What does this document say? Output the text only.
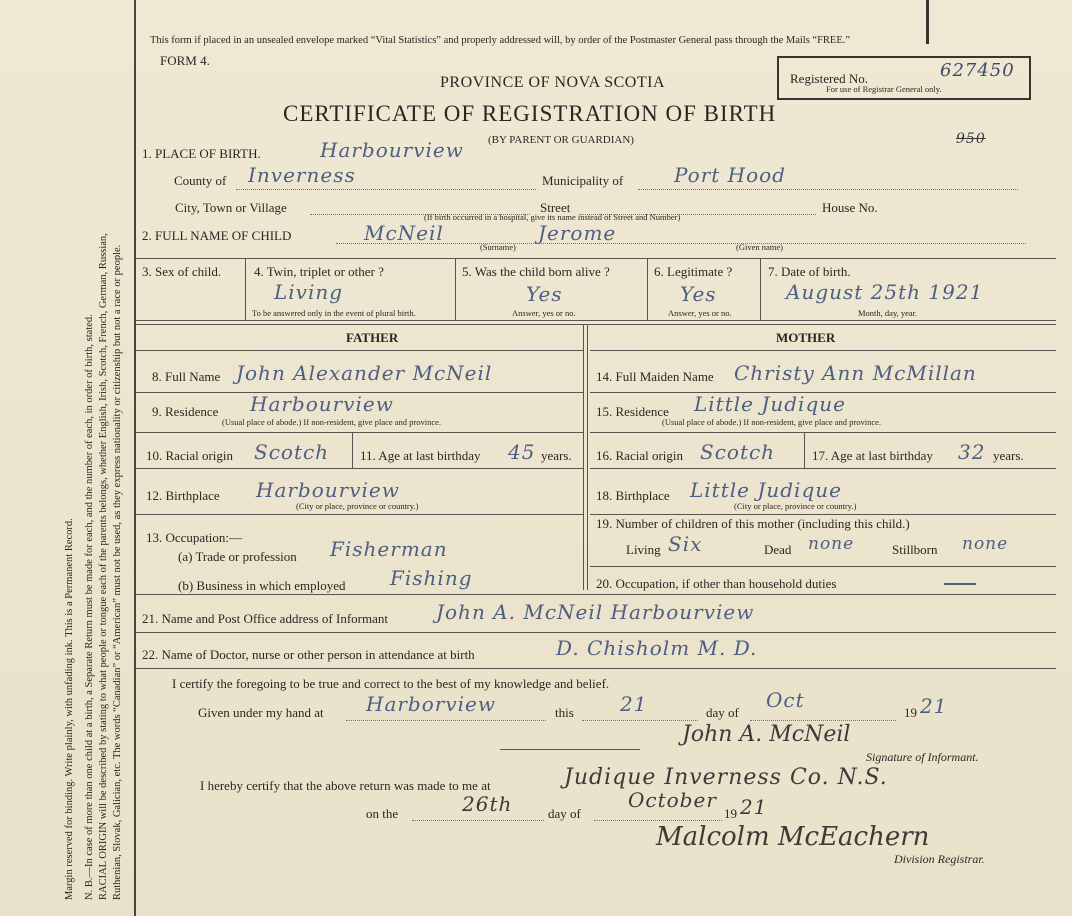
Margin reserved for binding. Write plainly, with unfading ink. This is a Permanent Record. N. B.—In case of more than one child at a birth, a Separate Return must be made for each, and the number of each, in order of birth, stated. RACIAL ORIGIN will be described by stating to what people or tongue each of the parents belongs, whether English, Irish, Scotch, French, German, Russian, Ruthenian, Slovak, Galician, etc. The words “Canadian” or “American” must not be used, as they express nationality or citizenship but not a race or people.
This form if placed in an unsealed envelope marked “Vital Statistics” and properly addressed will, by order of the Postmaster General pass through the Mails “FREE.”
FORM 4.
PROVINCE OF NOVA SCOTIA
CERTIFICATE OF REGISTRATION OF BIRTH
(BY PARENT OR GUARDIAN)
Registered No.
For use of Registrar General only.
627450
950
1. PLACE OF BIRTH.	Harbourview
County of Inverness	Municipality of	Port Hood
City, Town or Village	Street	House No.
(If birth occurred in a hospital, give its name instead of Street and Number)
2. FULL NAME OF CHILD	McNeil	Jerome
(Surname)	(Given name)
3. Sex of child.	4. Twin, triplet or other ?
Living
To be answered only in the event of plural birth.
5. Was the child born alive ?
Yes
Answer, yes or no.
6. Legitimate ?
Yes
Answer, yes or no.
7. Date of birth.
August 25th 1921
Month, day, year.
FATHER	MOTHER
8. Full Name John Alexander McNeil
9. Residence Harbourview
(Usual place of abode.) If non-resident, give place and province.
10. Racial origin Scotch 11. Age at last birthday 45 years.
12. Birthplace Harbourview
(City or place, province or country.)
13. Occupation:—
(a) Trade or profession Fisherman
(b) Business in which employed Fishing
14. Full Maiden Name Christy Ann McMillan
15. Residence Little Judique
(Usual place of abode.) If non-resident, give place and province.
16. Racial origin Scotch	17. Age at last birthday 32 years.
18. Birthplace Little Judique
(City or place, province or country.)
19. Number of children of this mother (including this child.)
Living Six	Dead none	Stillborn none
20. Occupation, if other than household duties
21. Name and Post Office address of Informant John A. McNeil Harbourview
22. Name of Doctor, nurse or other person in attendance at birth	D. Chisholm M. D.
I certify the foregoing to be true and correct to the best of my knowledge and belief.
Given under my hand at Harborview	this 21	day of
Oct
19 21
John A. McNeil
Signature of Informant.
I hereby certify that the above return was made to me at	Judique Inverness Co. N.S.
on the	26th	day of
October
19 21
Malcolm McEachern
Division Registrar.
